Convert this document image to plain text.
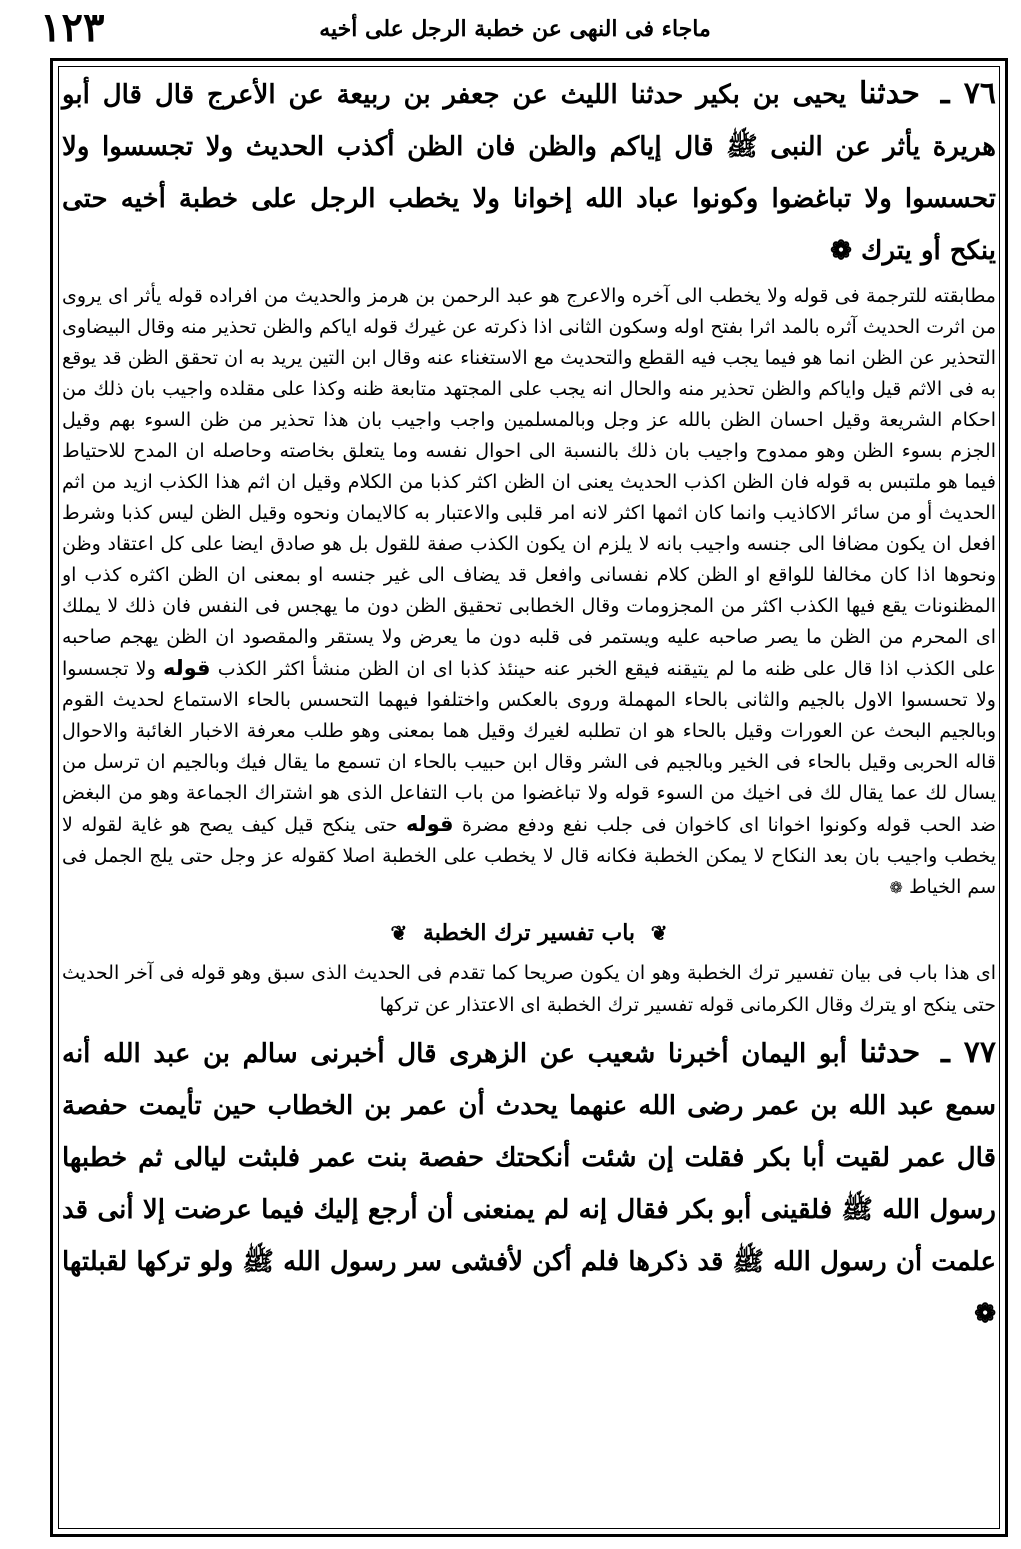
١٢٣	ماجاء فى النهى عن خطبة الرجل على أخيه

٧٦ ـ حدثنا يحيى بن بكير حدثنا الليث عن جعفر بن ربيعة عن الأعرج قال قال أبو هريرة يأثر عن النبى ﷺ قال إياكم والظن فان الظن أكذب الحديث ولا تجسسوا ولا تحسسوا ولا تباغضوا وكونوا عباد الله إخوانا ولا يخطب الرجل على خطبة أخيه حتى ينكح أو يترك ❁

مطابقته للترجمة فى قوله ولا يخطب الى آخره والاعرج هو عبد الرحمن بن هرمز والحديث من افراده قوله يأثر اى يروى من اثرت الحديث آثره بالمد اثرا بفتح اوله وسكون الثانى اذا ذكرته عن غيرك قوله اياكم والظن تحذير منه وقال البيضاوى التحذير عن الظن انما هو فيما يجب فيه القطع والتحديث مع الاستغناء عنه وقال ابن التين يريد به ان تحقق الظن قد يوقع به فى الاثم قيل واياكم والظن تحذير منه والحال انه يجب على المجتهد متابعة ظنه وكذا على مقلده واجيب بان ذلك من احكام الشريعة وقيل احسان الظن بالله عز وجل وبالمسلمين واجب واجيب بان هذا تحذير من ظن السوء بهم وقيل الجزم بسوء الظن وهو ممدوح واجيب بان ذلك بالنسبة الى احوال نفسه وما يتعلق بخاصته وحاصله ان المدح للاحتياط فيما هو ملتبس به قوله فان الظن اكذب الحديث يعنى ان الظن اكثر كذبا من الكلام وقيل ان اثم هذا الكذب ازيد من اثم الحديث أو من سائر الاكاذيب وانما كان اثمها اكثر لانه امر قلبى والاعتبار به كالايمان ونحوه وقيل الظن ليس كذبا وشرط افعل ان يكون مضافا الى جنسه واجيب بانه لا يلزم ان يكون الكذب صفة للقول بل هو صادق ايضا على كل اعتقاد وظن ونحوها اذا كان مخالفا للواقع او الظن كلام نفسانى وافعل قد يضاف الى غير جنسه او بمعنى ان الظن اكثره كذب او المظنونات يقع فيها الكذب اكثر من المجزومات وقال الخطابى تحقيق الظن دون ما يهجس فى النفس فان ذلك لا يملك اى المحرم من الظن ما يصر صاحبه عليه ويستمر فى قلبه دون ما يعرض ولا يستقر والمقصود ان الظن يهجم صاحبه على الكذب اذا قال على ظنه ما لم يتيقنه فيقع الخبر عنه حينئذ كذبا اى ان الظن منشأ اكثر الكذب قوله ولا تجسسوا ولا تحسسوا الاول بالجيم والثانى بالحاء المهملة وروى بالعكس واختلفوا فيهما التحسس بالحاء الاستماع لحديث القوم وبالجيم البحث عن العورات وقيل بالحاء هو ان تطلبه لغيرك وقيل هما بمعنى وهو طلب معرفة الاخبار الغائبة والاحوال قاله الحربى وقيل بالحاء فى الخير وبالجيم فى الشر وقال ابن حبيب بالحاء ان تسمع ما يقال فيك وبالجيم ان ترسل من يسال لك عما يقال لك فى اخيك من السوء قوله ولا تباغضوا من باب التفاعل الذى هو اشتراك الجماعة وهو من البغض ضد الحب قوله وكونوا اخوانا اى كاخوان فى جلب نفع ودفع مضرة قوله حتى ينكح قيل كيف يصح هو غاية لقوله لا يخطب واجيب بان بعد النكاح لا يمكن الخطبة فكانه قال لا يخطب على الخطبة اصلا كقوله عز وجل حتى يلج الجمل فى سم الخياط ❁

❦ باب تفسير ترك الخطبة ❦

اى هذا باب فى بيان تفسير ترك الخطبة وهو ان يكون صريحا كما تقدم فى الحديث الذى سبق وهو قوله فى آخر الحديث حتى ينكح او يترك وقال الكرمانى قوله تفسير ترك الخطبة اى الاعتذار عن تركها

٧٧ ـ حدثنا أبو اليمان أخبرنا شعيب عن الزهرى قال أخبرنى سالم بن عبد الله أنه سمع عبد الله بن عمر رضى الله عنهما يحدث أن عمر بن الخطاب حين تأيمت حفصة قال عمر لقيت أبا بكر فقلت إن شئت أنكحتك حفصة بنت عمر فلبثت ليالى ثم خطبها رسول الله ﷺ فلقينى أبو بكر فقال إنه لم يمنعنى أن أرجع إليك فيما عرضت إلا أنى قد علمت أن رسول الله ﷺ قد ذكرها فلم أكن لأفشى سر رسول الله ﷺ ولو تركها لقبلتها ❁
